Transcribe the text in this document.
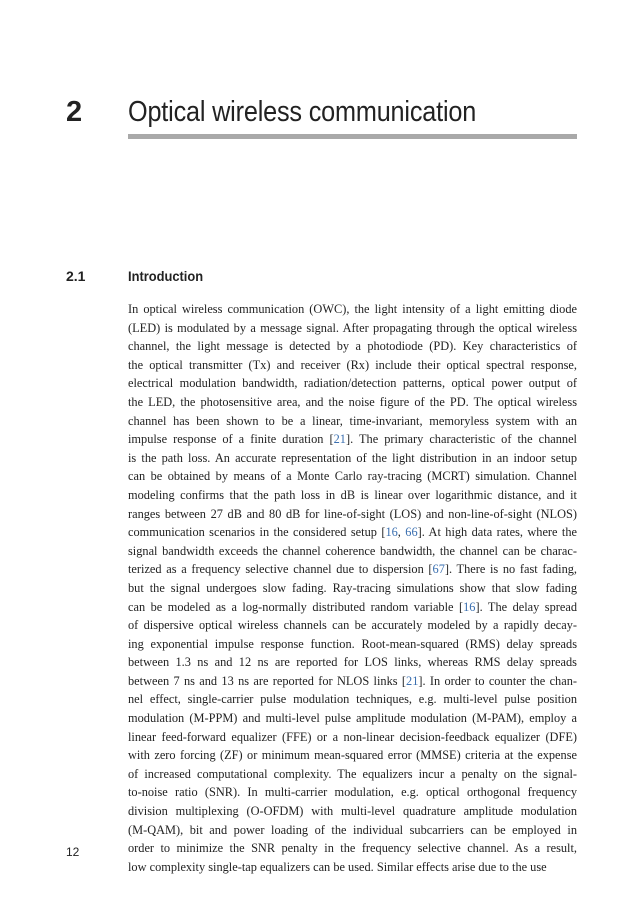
2 Optical wireless communication
2.1	Introduction
In optical wireless communication (OWC), the light intensity of a light emitting diode
(LED) is modulated by a message signal. After propagating through the optical wireless
channel, the light message is detected by a photodiode (PD). Key characteristics of
the optical transmitter (Tx) and receiver (Rx) include their optical spectral response,
electrical modulation bandwidth, radiation/detection patterns, optical power output of
the LED, the photosensitive area, and the noise figure of the PD. The optical wireless
channel has been shown to be a linear, time-invariant, memoryless system with an
impulse response of a finite duration [21]. The primary characteristic of the channel
is the path loss. An accurate representation of the light distribution in an indoor setup
can be obtained by means of a Monte Carlo ray-tracing (MCRT) simulation. Channel
modeling confirms that the path loss in dB is linear over logarithmic distance, and it
ranges between 27 dB and 80 dB for line-of-sight (LOS) and non-line-of-sight (NLOS)
communication scenarios in the considered setup [16, 66]. At high data rates, where the
signal bandwidth exceeds the channel coherence bandwidth, the channel can be charac-
terized as a frequency selective channel due to dispersion [67]. There is no fast fading,
but the signal undergoes slow fading. Ray-tracing simulations show that slow fading
can be modeled as a log-normally distributed random variable [16]. The delay spread
of dispersive optical wireless channels can be accurately modeled by a rapidly decay-
ing exponential impulse response function. Root-mean-squared (RMS) delay spreads
between 1.3 ns and 12 ns are reported for LOS links, whereas RMS delay spreads
between 7 ns and 13 ns are reported for NLOS links [21]. In order to counter the chan-
nel effect, single-carrier pulse modulation techniques, e.g. multi-level pulse position
modulation (M-PPM) and multi-level pulse amplitude modulation (M-PAM), employ a
linear feed-forward equalizer (FFE) or a non-linear decision-feedback equalizer (DFE)
with zero forcing (ZF) or minimum mean-squared error (MMSE) criteria at the expense
of increased computational complexity. The equalizers incur a penalty on the signal-
to-noise ratio (SNR). In multi-carrier modulation, e.g. optical orthogonal frequency
division multiplexing (O-OFDM) with multi-level quadrature amplitude modulation
(M-QAM), bit and power loading of the individual subcarriers can be employed in
order to minimize the SNR penalty in the frequency selective channel. As a result,
low complexity single-tap equalizers can be used. Similar effects arise due to the use
12
